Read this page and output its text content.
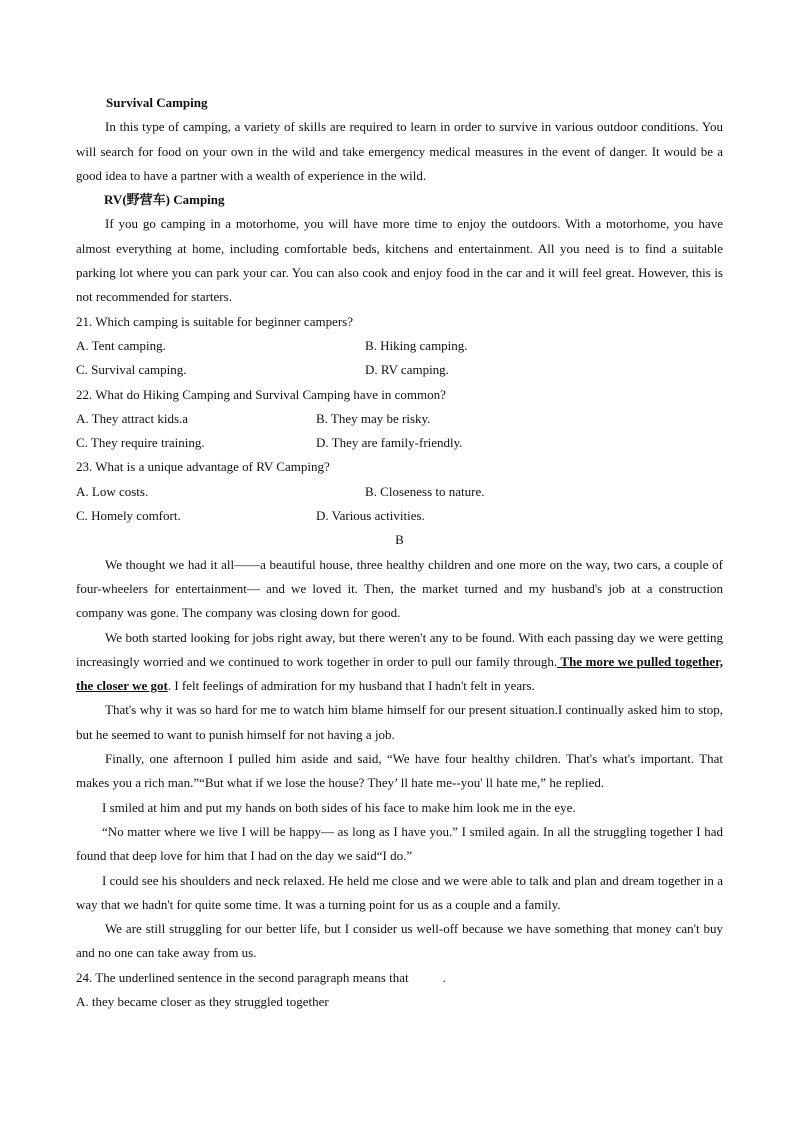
Survival Camping

In this type of camping, a variety of skills are required to learn in order to survive in various outdoor conditions. You will search for food on your own in the wild and take emergency medical measures in the event of danger. It would be a good idea to have a partner with a wealth of experience in the wild.

RV(野营车) Camping

If you go camping in a motorhome, you will have more time to enjoy the outdoors. With a motorhome, you have almost everything at home, including comfortable beds, kitchens and entertainment. All you need is to find a suitable parking lot where you can park your car. You can also cook and enjoy food in the car and it will feel great. However, this is not recommended for starters.

21. Which camping is suitable for beginner campers?

A. Tent camping.	B. Hiking camping.
C. Survival camping.	D. RV camping.

22. What do Hiking Camping and Survival Camping have in common?

A. They attract kids.a	B. They may be risky.
C. They require training.	D. They are family-friendly.

23. What is a unique advantage of RV Camping?

A. Low costs.	B. Closeness to nature.
C. Homely comfort.	D. Various activities.

B

We thought we had it all——a beautiful house, three healthy children and one more on the way, two cars, a couple of four-wheelers for entertainment— and we loved it. Then, the market turned and my husband's job at a construction company was gone. The company was closing down for good.

We both started looking for jobs right away, but there weren't any to be found. With each passing day we were getting increasingly worried and we continued to work together in order to pull our family through. The more we pulled together, the closer we got. I felt feelings of admiration for my husband that I hadn't felt in years.

That's why it was so hard for me to watch him blame himself for our present situation.I continually asked him to stop, but he seemed to want to punish himself for not having a job.

Finally, one afternoon I pulled him aside and said, “We have four healthy children. That's what's important. That makes you a rich man.”“But what if we lose the house? They’ ll hate me--you' ll hate me,” he replied.

I smiled at him and put my hands on both sides of his face to make him look me in the eye.

“No matter where we live I will be happy— as long as I have you.” I smiled again. In all the struggling together I had found that deep love for him that I had on the day we said“I do.”

I could see his shoulders and neck relaxed. He held me close and we were able to talk and plan and dream together in a way that we hadn't for quite some time. It was a turning point for us as a couple and a family.

We are still struggling for our better life, but I consider us well-off because we have something that money can't buy and no one can take away from us.

24. The underlined sentence in the second paragraph means that	.

A. they became closer as they struggled together
